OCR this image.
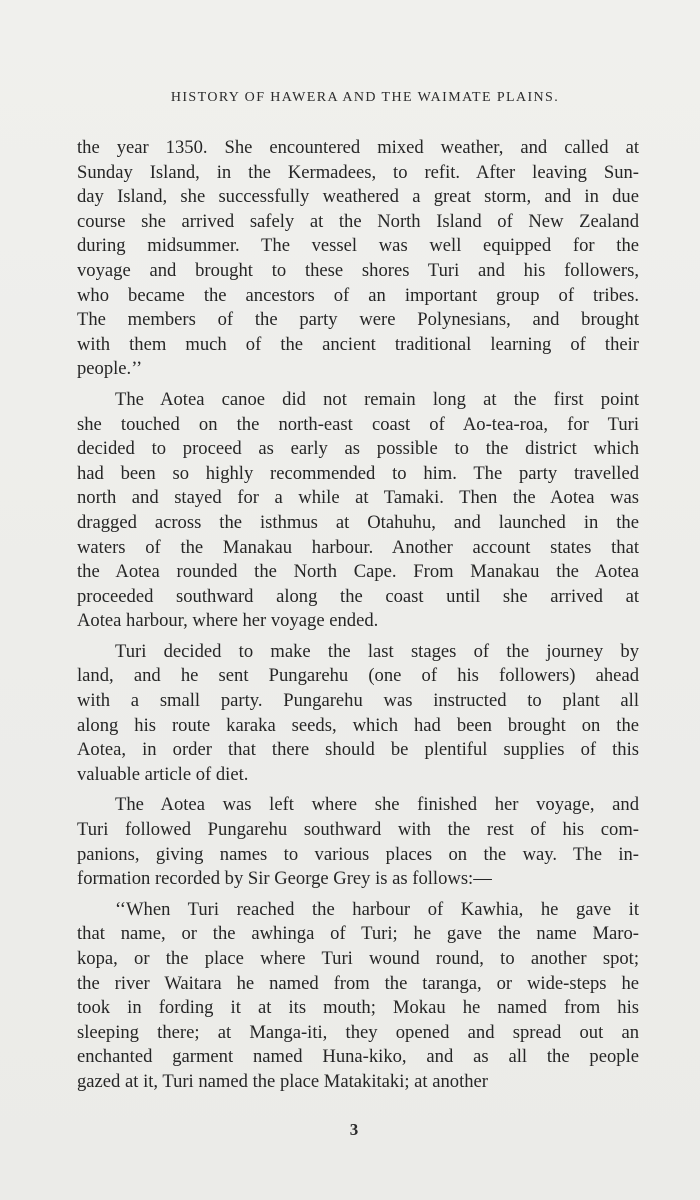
HISTORY OF HAWERA AND THE WAIMATE PLAINS.
the year 1350. She encountered mixed weather, and called at
Sunday Island, in the Kermadees, to refit. After leaving Sun-
day Island, she successfully weathered a great storm, and in due
course she arrived safely at the North Island of New Zealand
during midsummer. The vessel was well equipped for the
voyage and brought to these shores Turi and his followers,
who became the ancestors of an important group of tribes.
The members of the party were Polynesians, and brought
with them much of the ancient traditional learning of their
people.’’
The Aotea canoe did not remain long at the first point
she touched on the north-east coast of Ao-tea-roa, for Turi
decided to proceed as early as possible to the district which
had been so highly recommended to him. The party travelled
north and stayed for a while at Tamaki. Then the Aotea was
dragged across the isthmus at Otahuhu, and launched in the
waters of the Manakau harbour. Another account states that
the Aotea rounded the North Cape. From Manakau the Aotea
proceeded southward along the coast until she arrived at
Aotea harbour, where her voyage ended.
Turi decided to make the last stages of the journey by
land, and he sent Pungarehu (one of his followers) ahead
with a small party. Pungarehu was instructed to plant all
along his route karaka seeds, which had been brought on the
Aotea, in order that there should be plentiful supplies of this
valuable article of diet.
The Aotea was left where she finished her voyage, and
Turi followed Pungarehu southward with the rest of his com-
panions, giving names to various places on the way. The in-
formation recorded by Sir George Grey is as follows:—
‘‘When Turi reached the harbour of Kawhia, he gave it
that name, or the awhinga of Turi; he gave the name Maro-
kopa, or the place where Turi wound round, to another spot;
the river Waitara he named from the taranga, or wide-steps he
took in fording it at its mouth; Mokau he named from his
sleeping there; at Manga-iti, they opened and spread out an
enchanted garment named Huna-kiko, and as all the people
gazed at it, Turi named the place Matakitaki; at another
3
